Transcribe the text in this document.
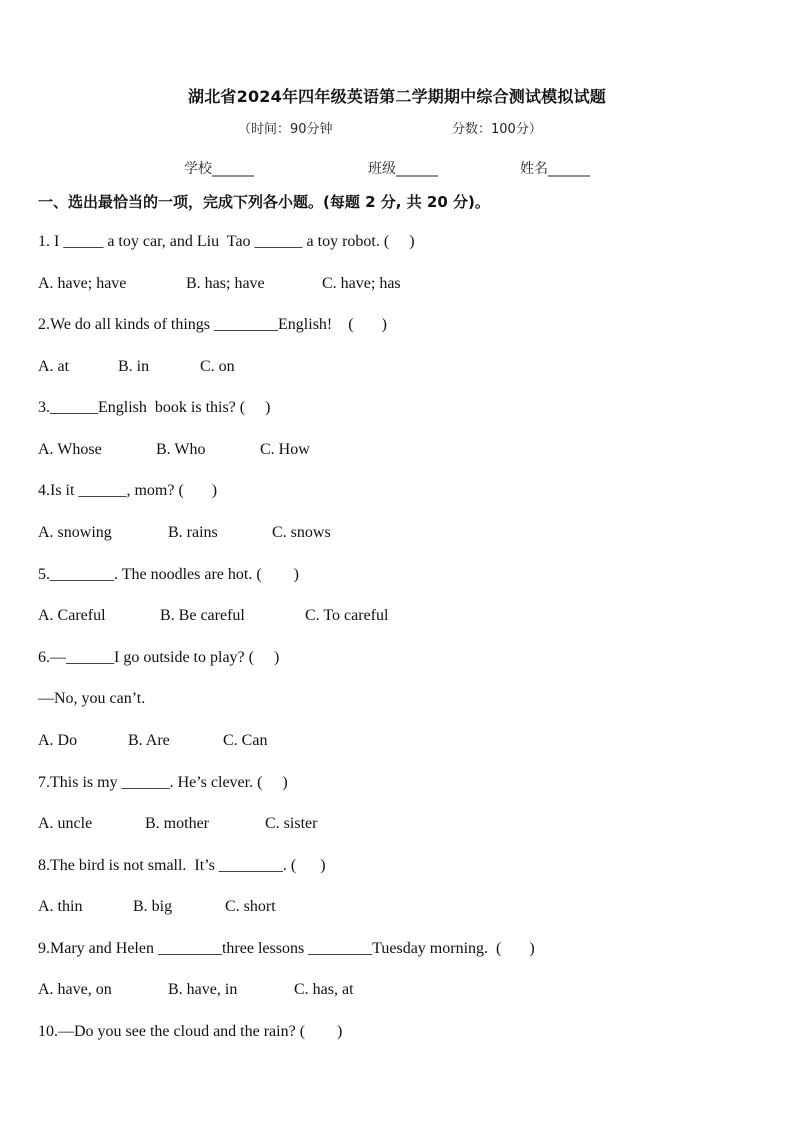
湖北省2024年四年级英语第二学期期中综合测试模拟试题
（时间：90分钟	分数：100分）
学校______	班级______	姓名______
一、选出最恰当的一项，完成下列各小题。(每题 2 分, 共 20 分)。
1. I _____ a toy car, and Liu  Tao ______ a toy robot. (     )
A. have; have	B. has; have	C. have; has
2.We do all kinds of things ________English!    (       )
A. at	B. in	C. on
3.______English  book is this? (     )
A. Whose	B. Who	C. How
4.Is it ______, mom? (       )
A. snowing	B. rains	C. snows
5.________. The noodles are hot. (        )
A. Careful	B. Be careful	C. To careful
6.—______I go outside to play? (     )
—No, you can’t.
A. Do	B. Are	C. Can
7.This is my ______. He’s clever. (     )
A. uncle	B. mother	C. sister
8.The bird is not small.  It’s ________. (      )
A. thin	B. big	C. short
9.Mary and Helen ________three lessons ________Tuesday morning.  (       )
A. have, on	B. have, in	C. has, at
10.—Do you see the cloud and the rain? (        )
